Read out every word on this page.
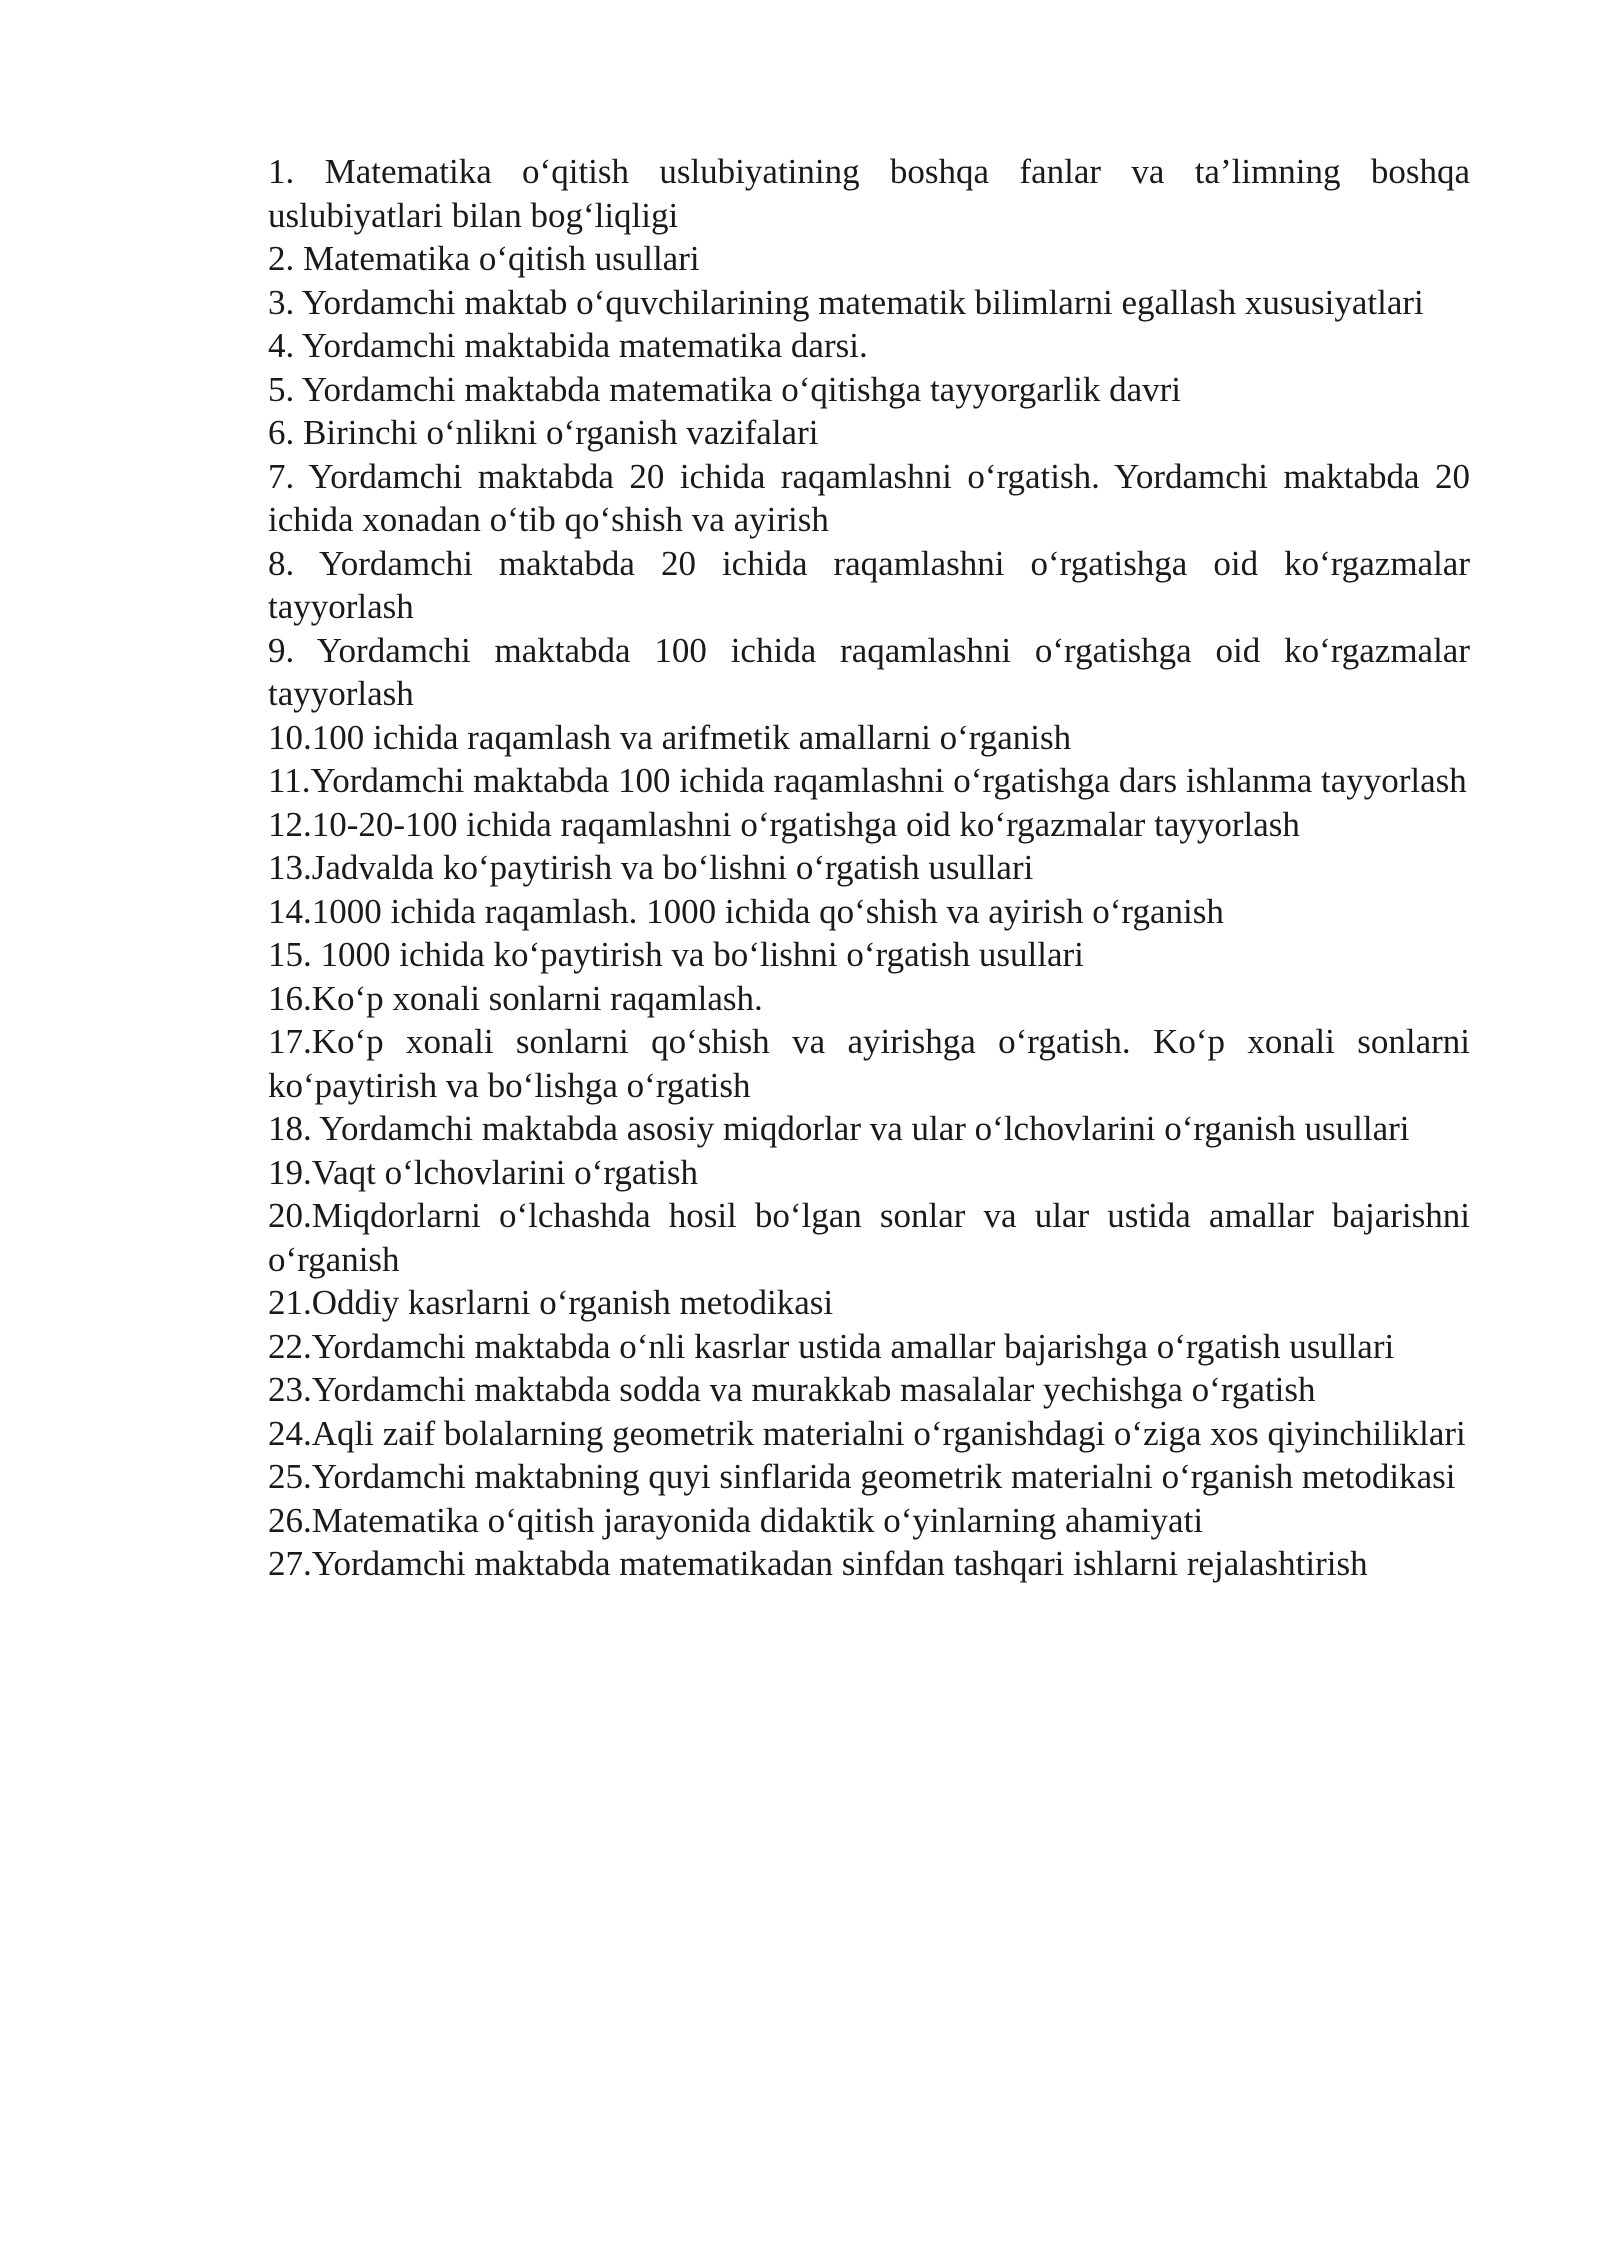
1. Matematika o‘qitish uslubiyatining boshqa fanlar va ta’limning boshqa uslubiyatlari bilan bog‘liqligi
2. Matematika o‘qitish usullari
3. Yordamchi maktab o‘quvchilarining matematik bilimlarni egallash xususiyatlari
4. Yordamchi maktabida matematika darsi.
5. Yordamchi maktabda matematika o‘qitishga tayyorgarlik davri
6. Birinchi o‘nlikni o‘rganish vazifalari
7. Yordamchi maktabda 20 ichida raqamlashni o‘rgatish. Yordamchi maktabda 20 ichida xonadan o‘tib qo‘shish va ayirish
8. Yordamchi maktabda 20 ichida raqamlashni o‘rgatishga oid ko‘rgazmalar tayyorlash
9. Yordamchi maktabda 100 ichida raqamlashni o‘rgatishga oid ko‘rgazmalar tayyorlash
10.100 ichida raqamlash va arifmetik amallarni o‘rganish
11.Yordamchi maktabda 100 ichida raqamlashni o‘rgatishga dars ishlanma tayyorlash
12.10-20-100 ichida raqamlashni o‘rgatishga oid ko‘rgazmalar tayyorlash
13.Jadvalda ko‘paytirish va bo‘lishni o‘rgatish usullari
14.1000 ichida raqamlash. 1000 ichida qo‘shish va ayirish o‘rganish
15. 1000 ichida ko‘paytirish va bo‘lishni o‘rgatish usullari
16.Ko‘p xonali sonlarni raqamlash.
17.Ko‘p xonali sonlarni qo‘shish va ayirishga o‘rgatish. Ko‘p xonali sonlarni ko‘paytirish va bo‘lishga o‘rgatish
18. Yordamchi maktabda asosiy miqdorlar va ular o‘lchovlarini o‘rganish usullari
19.Vaqt o‘lchovlarini o‘rgatish
20.Miqdorlarni o‘lchashda hosil bo‘lgan sonlar va ular ustida amallar bajarishni o‘rganish
21.Oddiy kasrlarni o‘rganish metodikasi
22.Yordamchi maktabda o‘nli kasrlar ustida amallar bajarishga o‘rgatish usullari
23.Yordamchi maktabda sodda va murakkab masalalar yechishga o‘rgatish
24.Aqli zaif bolalarning geometrik materialni o‘rganishdagi o‘ziga xos qiyinchiliklari
25.Yordamchi maktabning quyi sinflarida geometrik materialni o‘rganish metodikasi
26.Matematika o‘qitish jarayonida didaktik o‘yinlarning ahamiyati
27.Yordamchi maktabda matematikadan sinfdan tashqari ishlarni rejalashtirish
